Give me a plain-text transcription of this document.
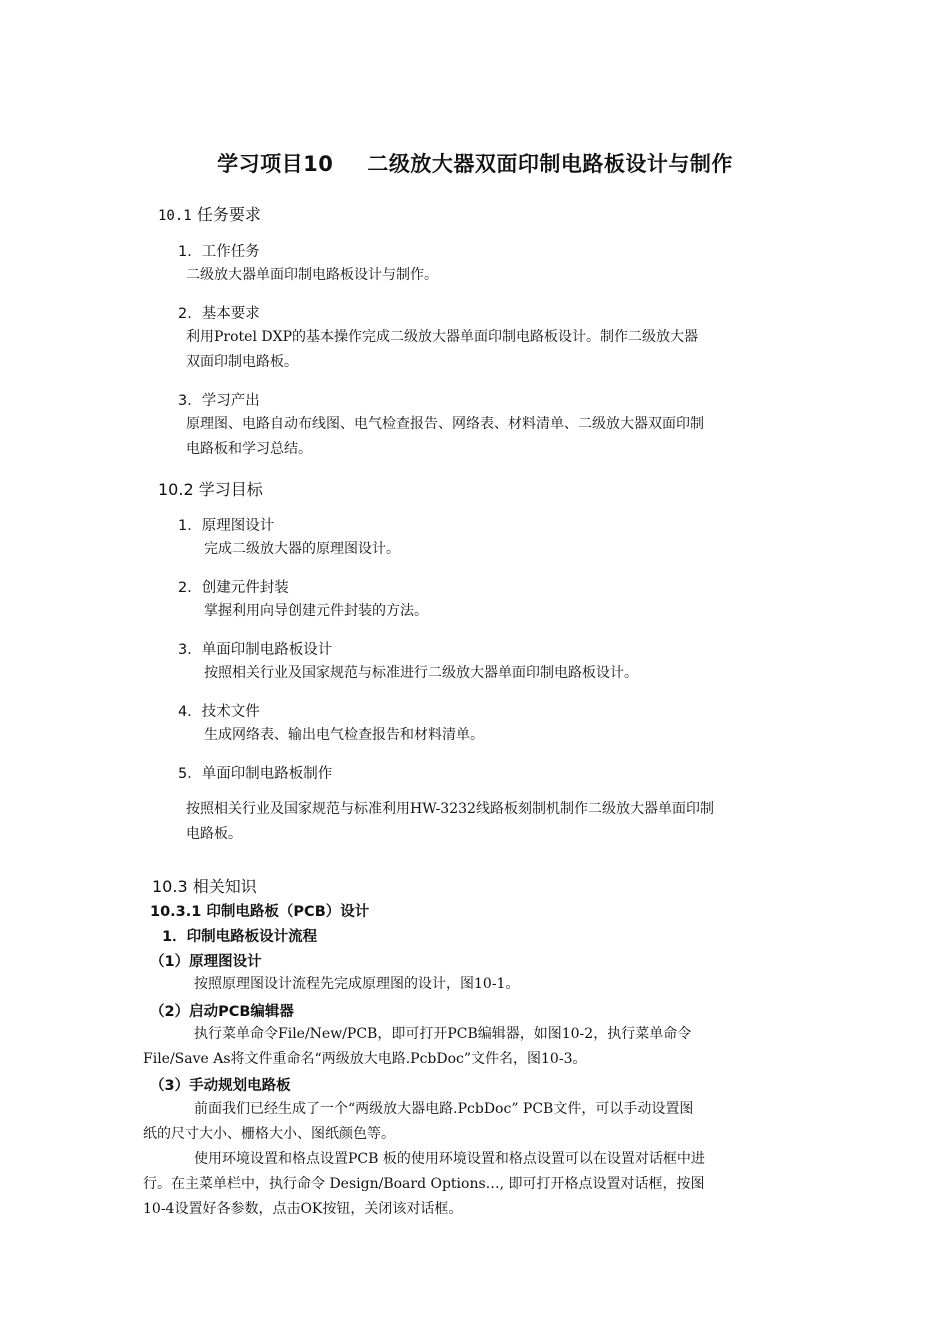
学习项目10 二级放大器双面印制电路板设计与制作
10.1 任务要求
1．工作任务
二级放大器单面印制电路板设计与制作。
2．基本要求
利用Protel DXP的基本操作完成二级放大器单面印制电路板设计。制作二级放大器
双面印制电路板。
3．学习产出
原理图、电路自动布线图、电气检查报告、网络表、材料清单、二级放大器双面印制
电路板和学习总结。
10.2 学习目标
1．原理图设计
完成二级放大器的原理图设计。
2．创建元件封装
掌握利用向导创建元件封装的方法。
3．单面印制电路板设计
按照相关行业及国家规范与标准进行二级放大器单面印制电路板设计。
4．技术文件
生成网络表、输出电气检查报告和材料清单。
5．单面印制电路板制作
按照相关行业及国家规范与标准利用HW-3232线路板刻制机制作二级放大器单面印制
电路板。
10.3 相关知识
10.3.1 印制电路板（PCB）设计
1．印制电路板设计流程
（1）原理图设计
按照原理图设计流程先完成原理图的设计，图10-1。
（2）启动PCB编辑器
执行菜单命令File/New/PCB，即可打开PCB编辑器，如图10-2，执行菜单命令
File/Save As将文件重命名“两级放大电路.PcbDoc”文件名，图10-3。
（3）手动规划电路板
前面我们已经生成了一个“两级放大器电路.PcbDoc” PCB文件，可以手动设置图
纸的尺寸大小、栅格大小、图纸颜色等。
使用环境设置和格点设置PCB 板的使用环境设置和格点设置可以在设置对话框中进
行。在主菜单栏中，执行命令 Design/Board Options…, 即可打开格点设置对话框，按图
10-4设置好各参数，点击OK按钮，关闭该对话框。
